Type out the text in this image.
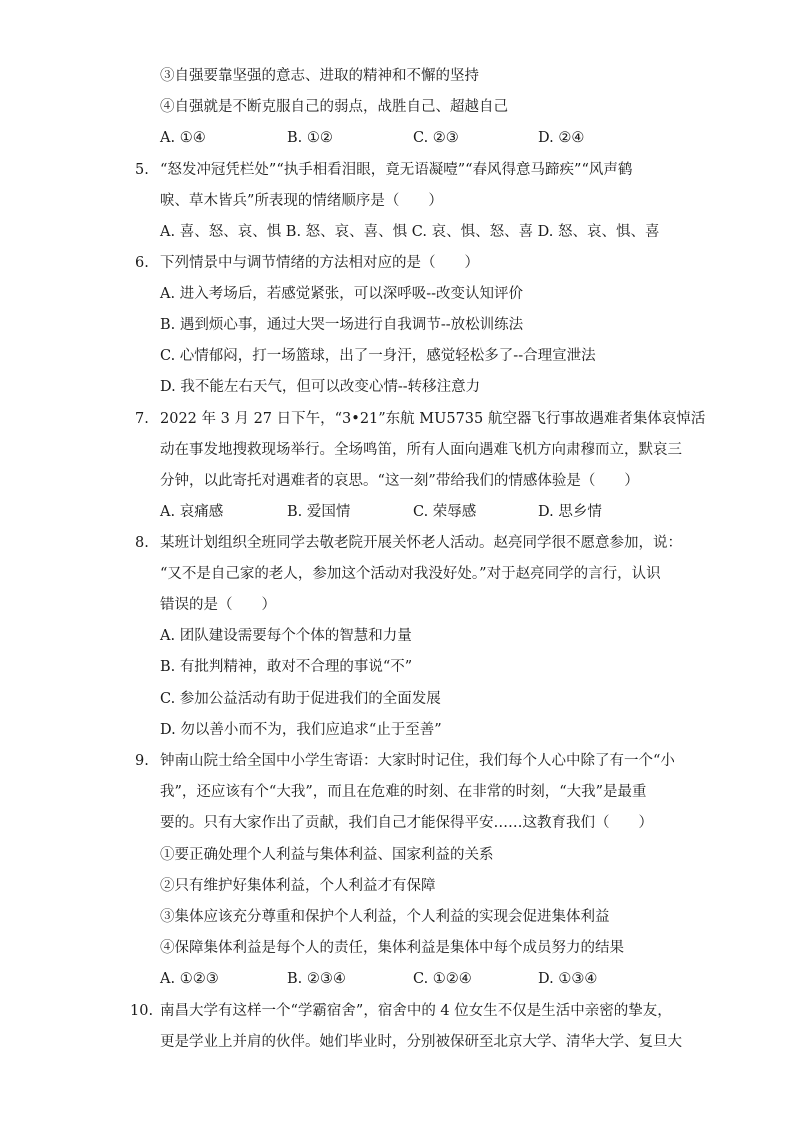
③自强要靠坚强的意志、进取的精神和不懈的坚持
④自强就是不断克服自己的弱点，战胜自己、超越自己
A. ①④	B. ①②	C. ②③	D. ②④
5. “怒发冲冠凭栏处”“执手相看泪眼，竟无语凝噎”“春风得意马蹄疾”“风声鹤
唳、草木皆兵”所表现的情绪顺序是（　　）
A. 喜、怒、哀、惧 B. 怒、哀、喜、惧 C. 哀、惧、怒、喜 D. 怒、哀、惧、喜
6. 下列情景中与调节情绪的方法相对应的是（　　）
A. 进入考场后，若感觉紧张，可以深呼吸--改变认知评价
B. 遇到烦心事，通过大哭一场进行自我调节--放松训练法
C. 心情郁闷，打一场篮球，出了一身汗，感觉轻松多了--合理宣泄法
D. 我不能左右天气，但可以改变心情--转移注意力
7. 2022 年 3 月 27 日下午，“3•21”东航 MU5735 航空器飞行事故遇难者集体哀悼活
动在事发地搜救现场举行。全场鸣笛，所有人面向遇难飞机方向肃穆而立，默哀三
分钟，以此寄托对遇难者的哀思。“这一刻”带给我们的情感体验是（　　）
A. 哀痛感	B. 爱国情	C. 荣辱感	D. 思乡情
8. 某班计划组织全班同学去敬老院开展关怀老人活动。赵亮同学很不愿意参加，说：
“又不是自己家的老人，参加这个活动对我没好处。”对于赵亮同学的言行，认识
错误的是（　　）
A. 团队建设需要每个个体的智慧和力量
B. 有批判精神，敢对不合理的事说“不”
C. 参加公益活动有助于促进我们的全面发展
D. 勿以善小而不为，我们应追求“止于至善”
9. 钟南山院士给全国中小学生寄语：大家时时记住，我们每个人心中除了有一个“小
我”，还应该有个“大我”，而且在危难的时刻、在非常的时刻，“大我”是最重
要的。只有大家作出了贡献，我们自己才能保得平安……这教育我们（　　）
①要正确处理个人利益与集体利益、国家利益的关系
②只有维护好集体利益，个人利益才有保障
③集体应该充分尊重和保护个人利益，个人利益的实现会促进集体利益
④保障集体利益是每个人的责任，集体利益是集体中每个成员努力的结果
A. ①②③	B. ②③④	C. ①②④	D. ①③④
10. 南昌大学有这样一个“学霸宿舍”，宿舍中的 4 位女生不仅是生活中亲密的挚友，
更是学业上并肩的伙伴。她们毕业时，分别被保研至北京大学、清华大学、复旦大
